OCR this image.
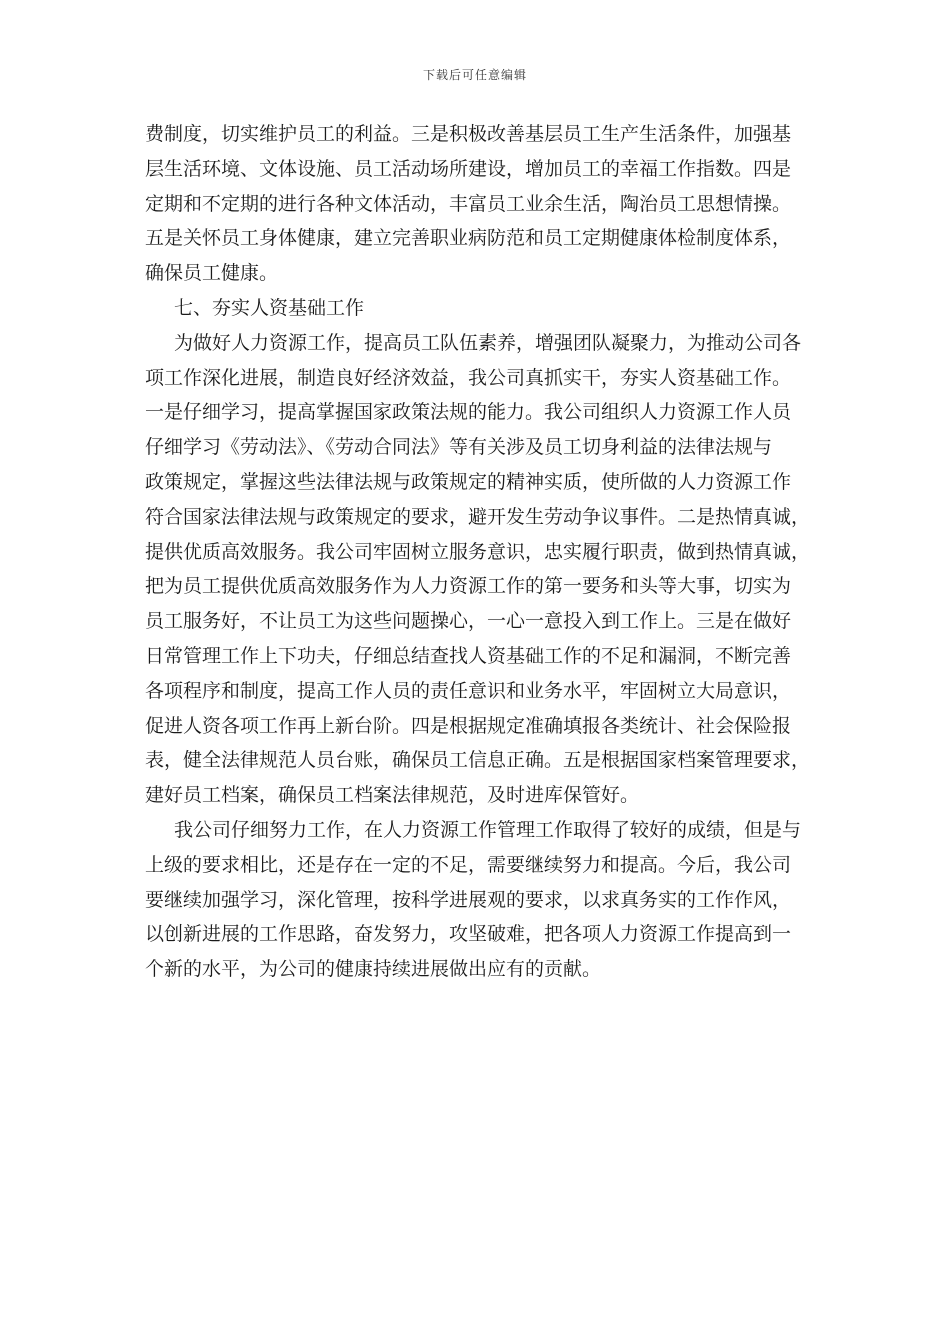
下载后可任意编辑
费制度，切实维护员工的利益。三是积极改善基层员工生产生活条件，加强基
层生活环境、文体设施、员工活动场所建设，增加员工的幸福工作指数。四是
定期和不定期的进行各种文体活动，丰富员工业余生活，陶治员工思想情操。
五是关怀员工身体健康，建立完善职业病防范和员工定期健康体检制度体系，
确保员工健康。
七、夯实人资基础工作
为做好人力资源工作，提高员工队伍素养，增强团队凝聚力，为推动公司各
项工作深化进展，制造良好经济效益，我公司真抓实干，夯实人资基础工作。
一是仔细学习，提高掌握国家政策法规的能力。我公司组织人力资源工作人员
仔细学习《劳动法》、《劳动合同法》等有关涉及员工切身利益的法律法规与
政策规定，掌握这些法律法规与政策规定的精神实质，使所做的人力资源工作
符合国家法律法规与政策规定的要求，避开发生劳动争议事件。二是热情真诚，
提供优质高效服务。我公司牢固树立服务意识，忠实履行职责，做到热情真诚，
把为员工提供优质高效服务作为人力资源工作的第一要务和头等大事，切实为
员工服务好，不让员工为这些问题操心，一心一意投入到工作上。三是在做好
日常管理工作上下功夫，仔细总结查找人资基础工作的不足和漏洞，不断完善
各项程序和制度，提高工作人员的责任意识和业务水平，牢固树立大局意识，
促进人资各项工作再上新台阶。四是根据规定准确填报各类统计、社会保险报
表，健全法律规范人员台账，确保员工信息正确。五是根据国家档案管理要求，
建好员工档案，确保员工档案法律规范，及时进库保管好。
我公司仔细努力工作，在人力资源工作管理工作取得了较好的成绩，但是与
上级的要求相比，还是存在一定的不足，需要继续努力和提高。今后，我公司
要继续加强学习，深化管理，按科学进展观的要求，以求真务实的工作作风，
以创新进展的工作思路，奋发努力，攻坚破难，把各项人力资源工作提高到一
个新的水平，为公司的健康持续进展做出应有的贡献。
